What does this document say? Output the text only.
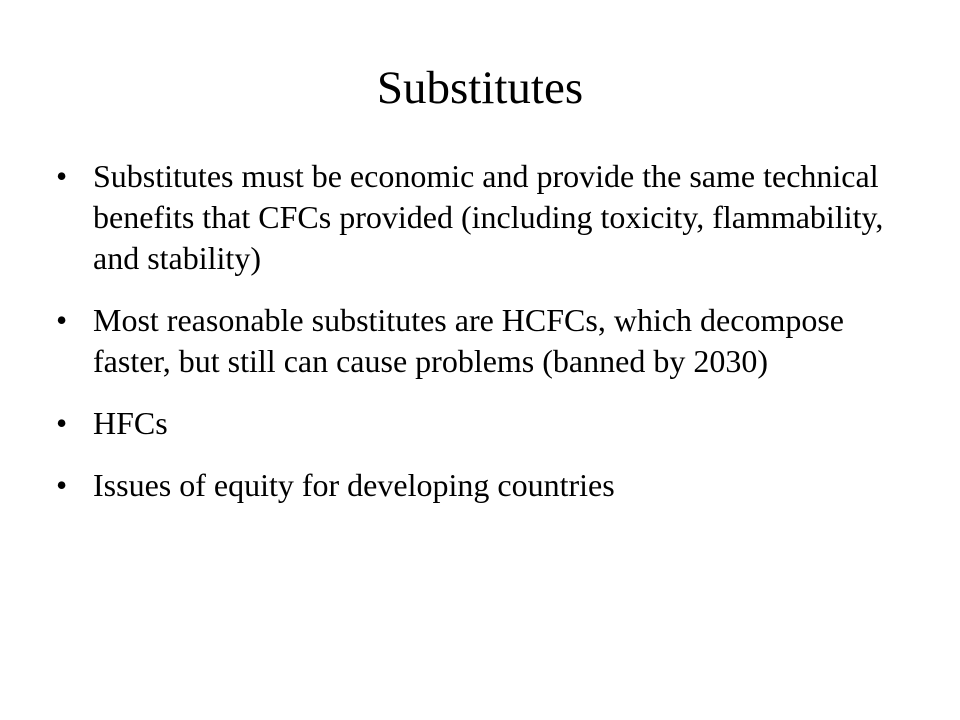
Substitutes
• Substitutes must be economic and provide the same technical benefits that CFCs provided (including toxicity, flammability, and stability)
• Most reasonable substitutes are HCFCs, which decompose faster, but still can cause problems (banned by 2030)
• HFCs
• Issues of equity for developing countries
